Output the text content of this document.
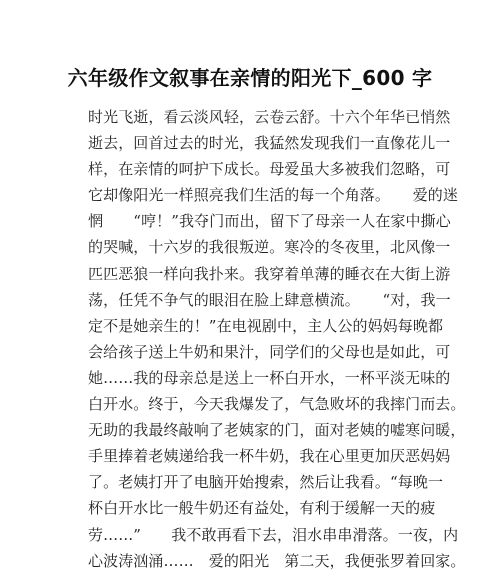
六年级作文叙事在亲情的阳光下_600 字
时光飞逝，看云淡风轻，云卷云舒。十六个年华已悄然
逝去，回首过去的时光，我猛然发现我们一直像花儿一
样，在亲情的呵护下成长。母爱虽大多被我们忽略，可
它却像阳光一样照亮我们生活的每一个角落。　　爱的迷
惘　　“哼！”我夺门而出，留下了母亲一人在家中撕心
的哭喊，十六岁的我很叛逆。寒冷的冬夜里，北风像一
匹匹恶狼一样向我扑来。我穿着单薄的睡衣在大街上游
荡，任凭不争气的眼泪在脸上肆意横流。　　“对，我一
定不是她亲生的！”在电视剧中，主人公的妈妈每晚都
会给孩子送上牛奶和果汁，同学们的父母也是如此，可
她……我的母亲总是送上一杯白开水，一杯平淡无味的
白开水。终于，今天我爆发了，气急败坏的我摔门而去。
无助的我最终敲响了老姨家的门，面对老姨的嘘寒问暖，
手里捧着老姨递给我一杯牛奶，我在心里更加厌恶妈妈
了。老姨打开了电脑开始搜索，然后让我看。“每晚一
杯白开水比一般牛奶还有益处，有利于缓解一天的疲
劳……”　　我不敢再看下去，泪水串串滑落。一夜，内
心波涛汹涌……　爱的阳光　第二天，我便张罗着回家。
